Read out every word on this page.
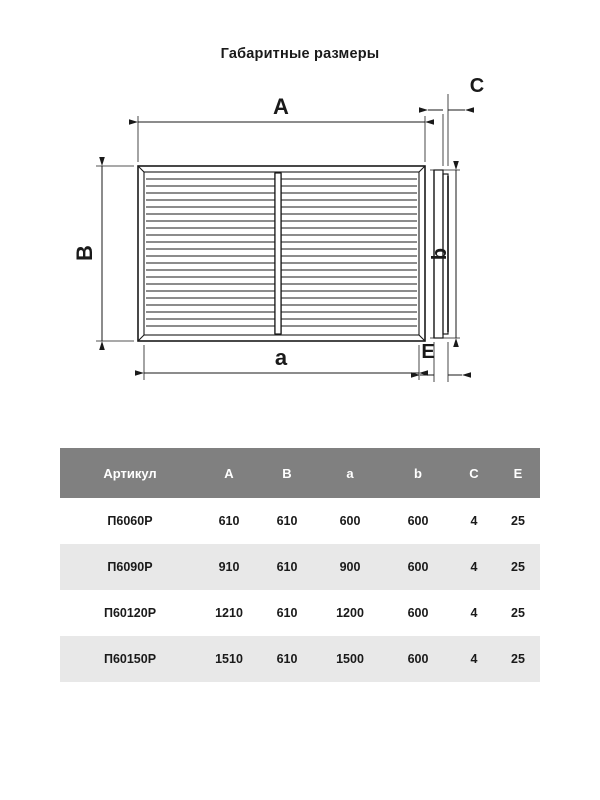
Габаритные размеры
A
a
B	b
C
E
Артикул	A	B	a	b	C	E
П6060Р	610	610	600	600	4	25
П6090Р	910	610	900	600	4	25
П60120Р	1210	610	1200	600	4	25
П60150Р	1510	610	1500	600	4	25
